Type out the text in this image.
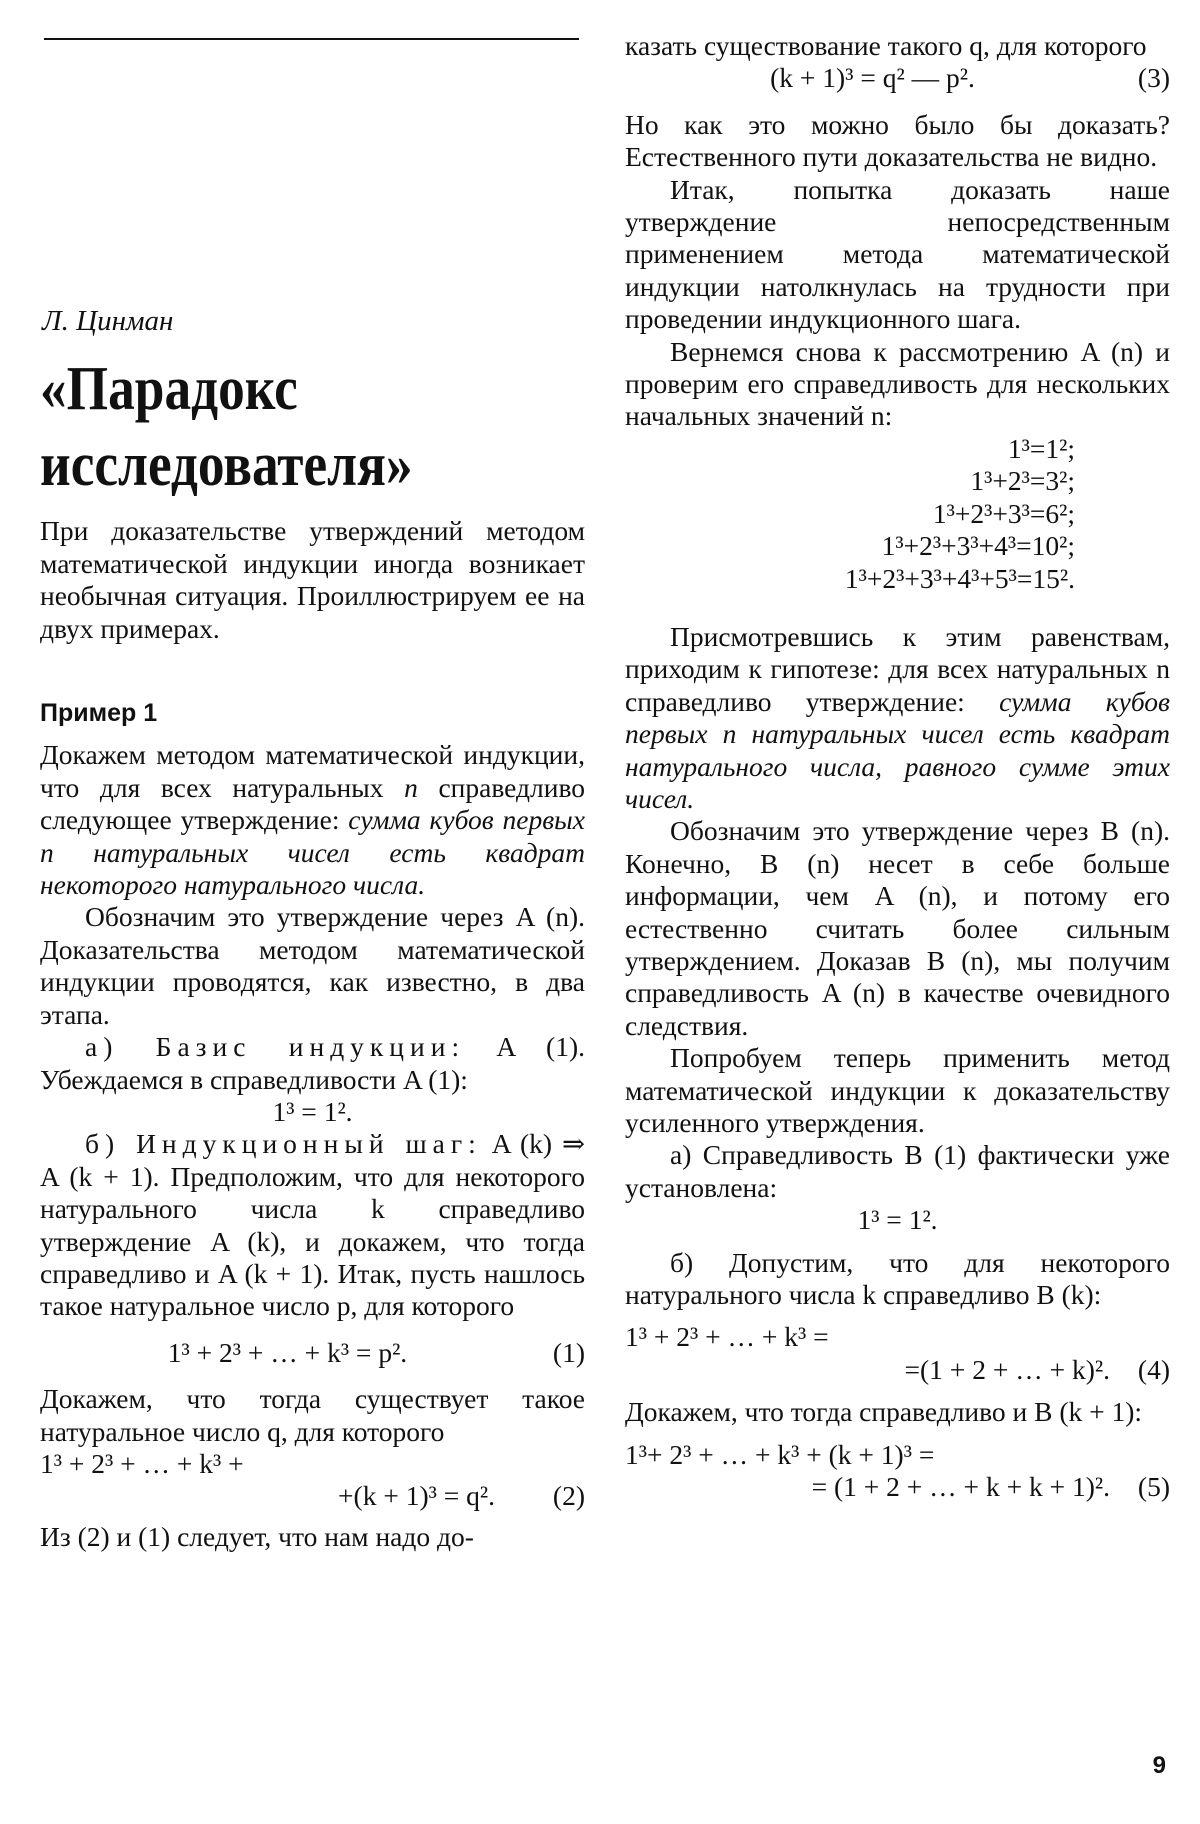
Л. Цинман
«Парадокс
исследователя»

При доказательстве утверждений методом математической индукции иногда возникает необычная ситуация. Проиллюстрируем ее на двух примерах.

Пример 1

Докажем методом математической индукции, что для всех натуральных n справедливо следующее утверждение: сумма кубов первых n натуральных чисел есть квадрат некоторого натурального числа.

Обозначим это утверждение через A (n). Доказательства методом математической индукции проводятся, как известно, в два этапа.

а) Базис индукции: A (1). Убеждаемся в справедливости A (1):

1³ = 1².

б) Индукционный шаг: A (k) ⇒ A (k + 1). Предположим, что для некоторого натурального числа k справедливо утверждение A (k), и докажем, что тогда справедливо и A (k + 1). Итак, пусть нашлось такое натуральное число p, для которого

1³ + 2³ + … + k³ = p².	(1)

Докажем, что тогда существует такое натуральное число q, для которого

1³ + 2³ + … + k³ +
+(k + 1)³ = q².	(2)

Из (2) и (1) следует, что нам надо до-

казать существование такого q, для которого

(k + 1)³ = q² — p².	(3)

Но как это можно было бы доказать? Естественного пути доказательства не видно.

Итак, попытка доказать наше утверждение непосредственным применением метода математической индукции натолкнулась на трудности при проведении индукционного шага.

Вернемся снова к рассмотрению A (n) и проверим его справедливость для нескольких начальных значений n:

1³=1²;
1³+2³=3²;
1³+2³+3³=6²;
1³+2³+3³+4³=10²;
1³+2³+3³+4³+5³=15².

Присмотревшись к этим равенствам, приходим к гипотезе: для всех натуральных n справедливо утверждение: сумма кубов первых n натуральных чисел есть квадрат натурального числа, равного сумме этих чисел.

Обозначим это утверждение через B (n). Конечно, B (n) несет в себе больше информации, чем A (n), и потому его естественно считать более сильным утверждением. Доказав B (n), мы получим справедливость A (n) в качестве очевидного следствия.

Попробуем теперь применить метод математической индукции к доказательству усиленного утверждения.

а) Справедливость B (1) фактически уже установлена:

1³ = 1².

б) Допустим, что для некоторого натурального числа k справедливо B (k):

1³ + 2³ + … + k³ =
=(1 + 2 + … + k)².	(4)

Докажем, что тогда справедливо и B (k + 1):

1³+ 2³ + … + k³ + (k + 1)³ =
= (1 + 2 + … + k + k + 1)².	(5)
9
